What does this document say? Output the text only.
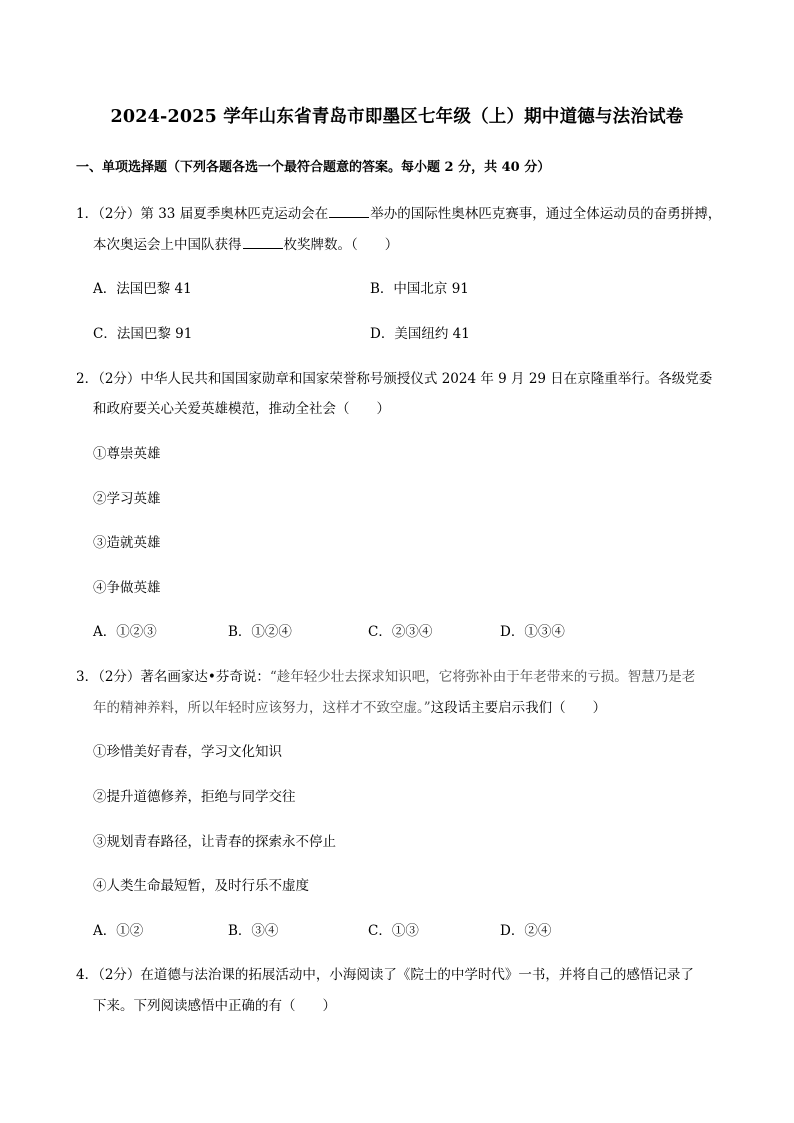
2024-2025 学年山东省青岛市即墨区七年级（上）期中道德与法治试卷
一、单项选择题（下列各题各选一个最符合题意的答案。每小题 2 分，共 40 分）
1．（2分）第 33 届夏季奥林匹克运动会在	举办的国际性奥林匹克赛事，通过全体运动员的奋勇拼搏，
本次奥运会上中国队获得	枚奖牌数。（　　）
A．法国巴黎 41	B．中国北京 91
C．法国巴黎 91	D．美国纽约 41
2．（2分）中华人民共和国国家勋章和国家荣誉称号颁授仪式 2024 年 9 月 29 日在京隆重举行。各级党委
和政府要关心关爱英雄模范，推动全社会（　　）
①尊崇英雄
②学习英雄
③造就英雄
④争做英雄
A．①②③	B．①②④	C．②③④	D．①③④
3．（2分）著名画家达•芬奇说：“趁年轻少壮去探求知识吧，它将弥补由于年老带来的亏损。智慧乃是老
年的精神养料，所以年轻时应该努力，这样才不致空虚。”这段话主要启示我们（　　）
①珍惜美好青春，学习文化知识
②提升道德修养，拒绝与同学交往
③规划青春路径，让青春的探索永不停止
④人类生命最短暂，及时行乐不虚度
A．①②	B．③④	C．①③	D．②④
4．（2分）在道德与法治课的拓展活动中，小海阅读了《院士的中学时代》一书，并将自己的感悟记录了
下来。下列阅读感悟中正确的有（　　）
